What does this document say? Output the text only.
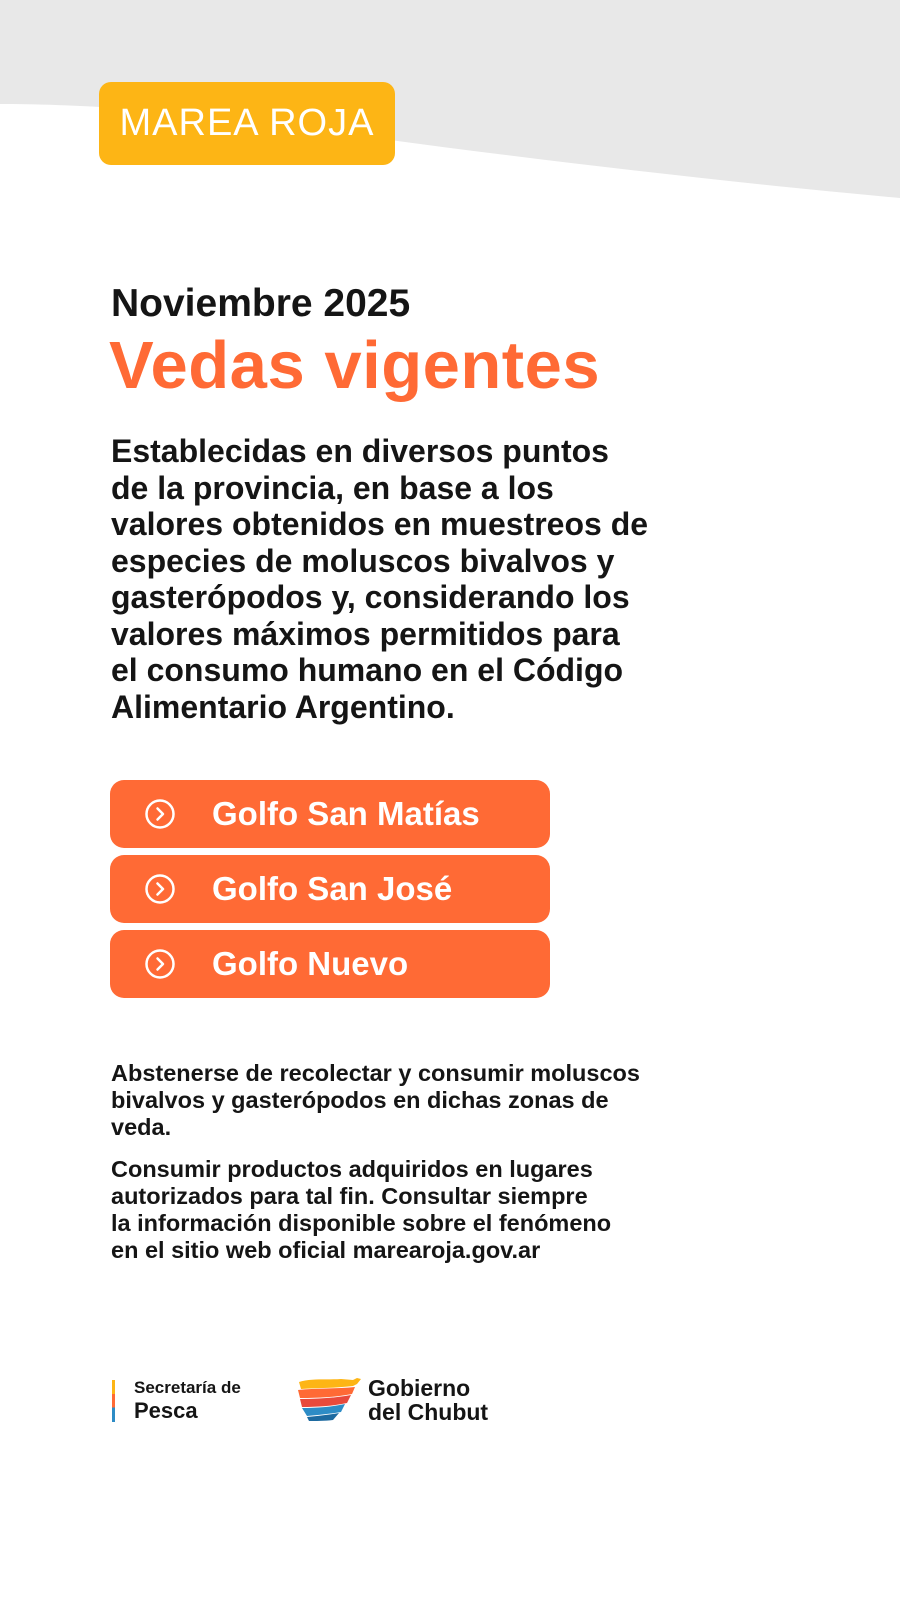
MAREA ROJA
Noviembre 2025
Vedas vigentes
Establecidas en diversos puntos
de la provincia, en base a los
valores obtenidos en muestreos de
especies de moluscos bivalvos y
gasterópodos y, considerando los
valores máximos permitidos para
el consumo humano en el Código
Alimentario Argentino.
Golfo San Matías
Golfo San José
Golfo Nuevo
Abstenerse de recolectar y consumir moluscos
bivalvos y gasterópodos en dichas zonas de
veda.
Consumir productos adquiridos en lugares
autorizados para tal fin. Consultar siempre
la información disponible sobre el fenómeno
en el sitio web oficial marearoja.gov.ar
Secretaría de
Pesca
Gobierno
del Chubut
